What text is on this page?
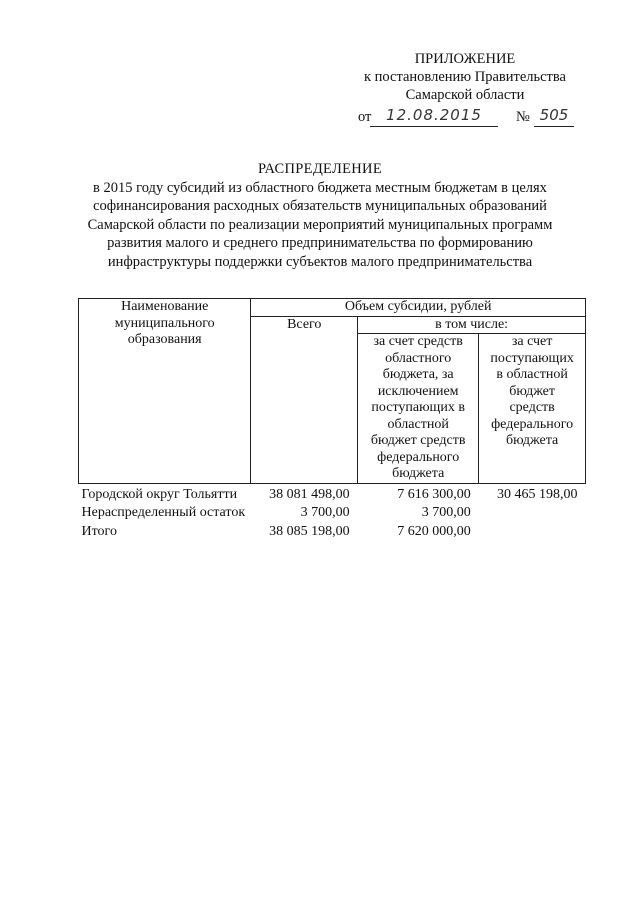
ПРИЛОЖЕНИЕ
к постановлению Правительства
Самарской области
от 12.08.2015	№ 505
РАСПРЕДЕЛЕНИЕ
в 2015 году субсидий из областного бюджета местным бюджетам в целях
софинансирования расходных обязательств муниципальных образований
Самарской области по реализации мероприятий муниципальных программ
развития малого и среднего предпринимательства по формированию
инфраструктуры поддержки субъектов малого предпринимательства
Наименование муниципального образования	Объем субсидии, рублей		
	Всего	в том числе:	

		за счет средств областного бюджета, за исключением поступающих в областной бюджет средств федерального бюджета	за счет поступающих в областной бюджет средств федерального бюджета

Городской округ Тольятти	38 081 498,00	7 616 300,00	30 465 198,00
Нераспределенный остаток	3 700,00	3 700,00	
Итого	38 085 198,00	7 620 000,00	
